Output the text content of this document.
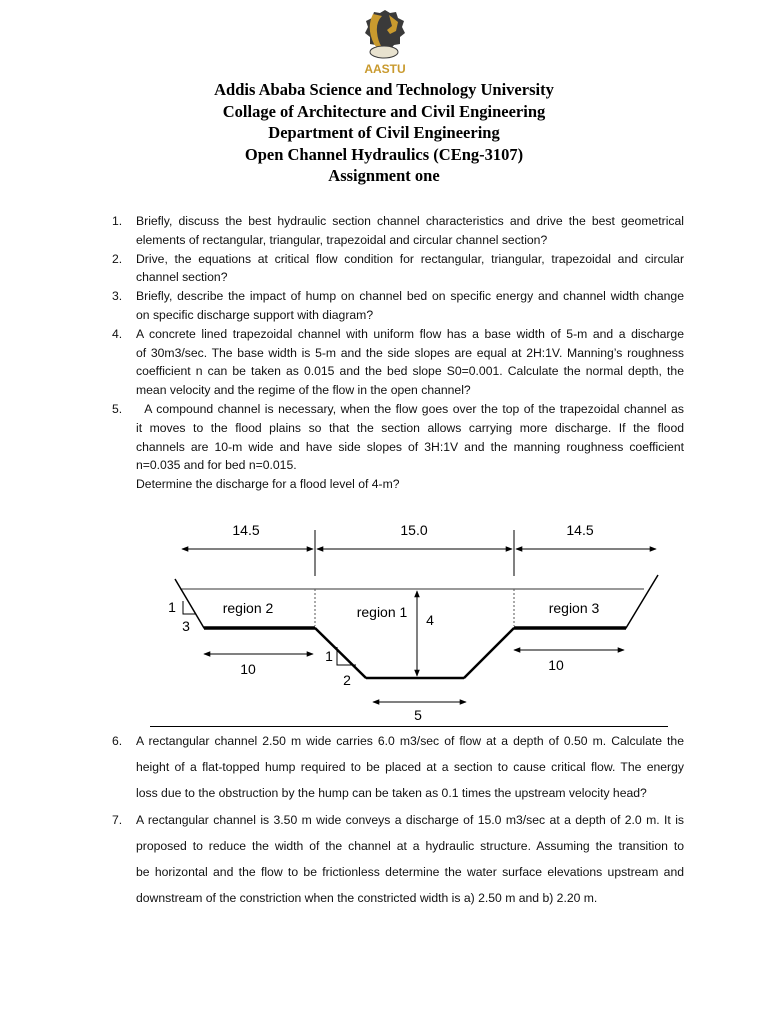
AASTU
Addis Ababa Science and Technology University
Collage of Architecture and Civil Engineering
Department of Civil Engineering
Open Channel Hydraulics (CEng-3107)
Assignment one
1. Briefly, discuss the best hydraulic section channel characteristics and drive the best geometrical
elements of rectangular, triangular, trapezoidal and circular channel section?
2. Drive, the equations at critical flow condition for rectangular, triangular, trapezoidal and circular
channel section?
3. Briefly, describe the impact of hump on channel bed on specific energy and channel width change
on specific discharge support with diagram?
4. A concrete lined trapezoidal channel with uniform flow has a base width of 5-m and a discharge
of 30m3/sec. The base width is 5-m and the side slopes are equal at 2H:1V. Manning’s roughness
coefficient n can be taken as 0.015 and the bed slope S0=0.001. Calculate the normal depth, the
mean velocity and the regime of the flow in the open channel?
5. A compound channel is necessary, when the flow goes over the top of the trapezoidal channel as
it moves to the flood plains so that the section allows carrying more discharge. If the flood
channels are 10-m wide and have side slopes of 3H:1V and the manning roughness coefficient
n=0.035 and for bed n=0.015.
Determine the discharge for a flood level of 4-m?
14.5	15.0	14.5
region 2	region 1	region 3
4
1
3
1
2
10	10
5
6. A rectangular channel 2.50 m wide carries 6.0 m3/sec of flow at a depth of 0.50 m. Calculate the
height of a flat-topped hump required to be placed at a section to cause critical flow. The energy
loss due to the obstruction by the hump can be taken as 0.1 times the upstream velocity head?
7. A rectangular channel is 3.50 m wide conveys a discharge of 15.0 m3/sec at a depth of 2.0 m. It is
proposed to reduce the width of the channel at a hydraulic structure. Assuming the transition to
be horizontal and the flow to be frictionless determine the water surface elevations upstream and
downstream of the constriction when the constricted width is a) 2.50 m and b) 2.20 m.
